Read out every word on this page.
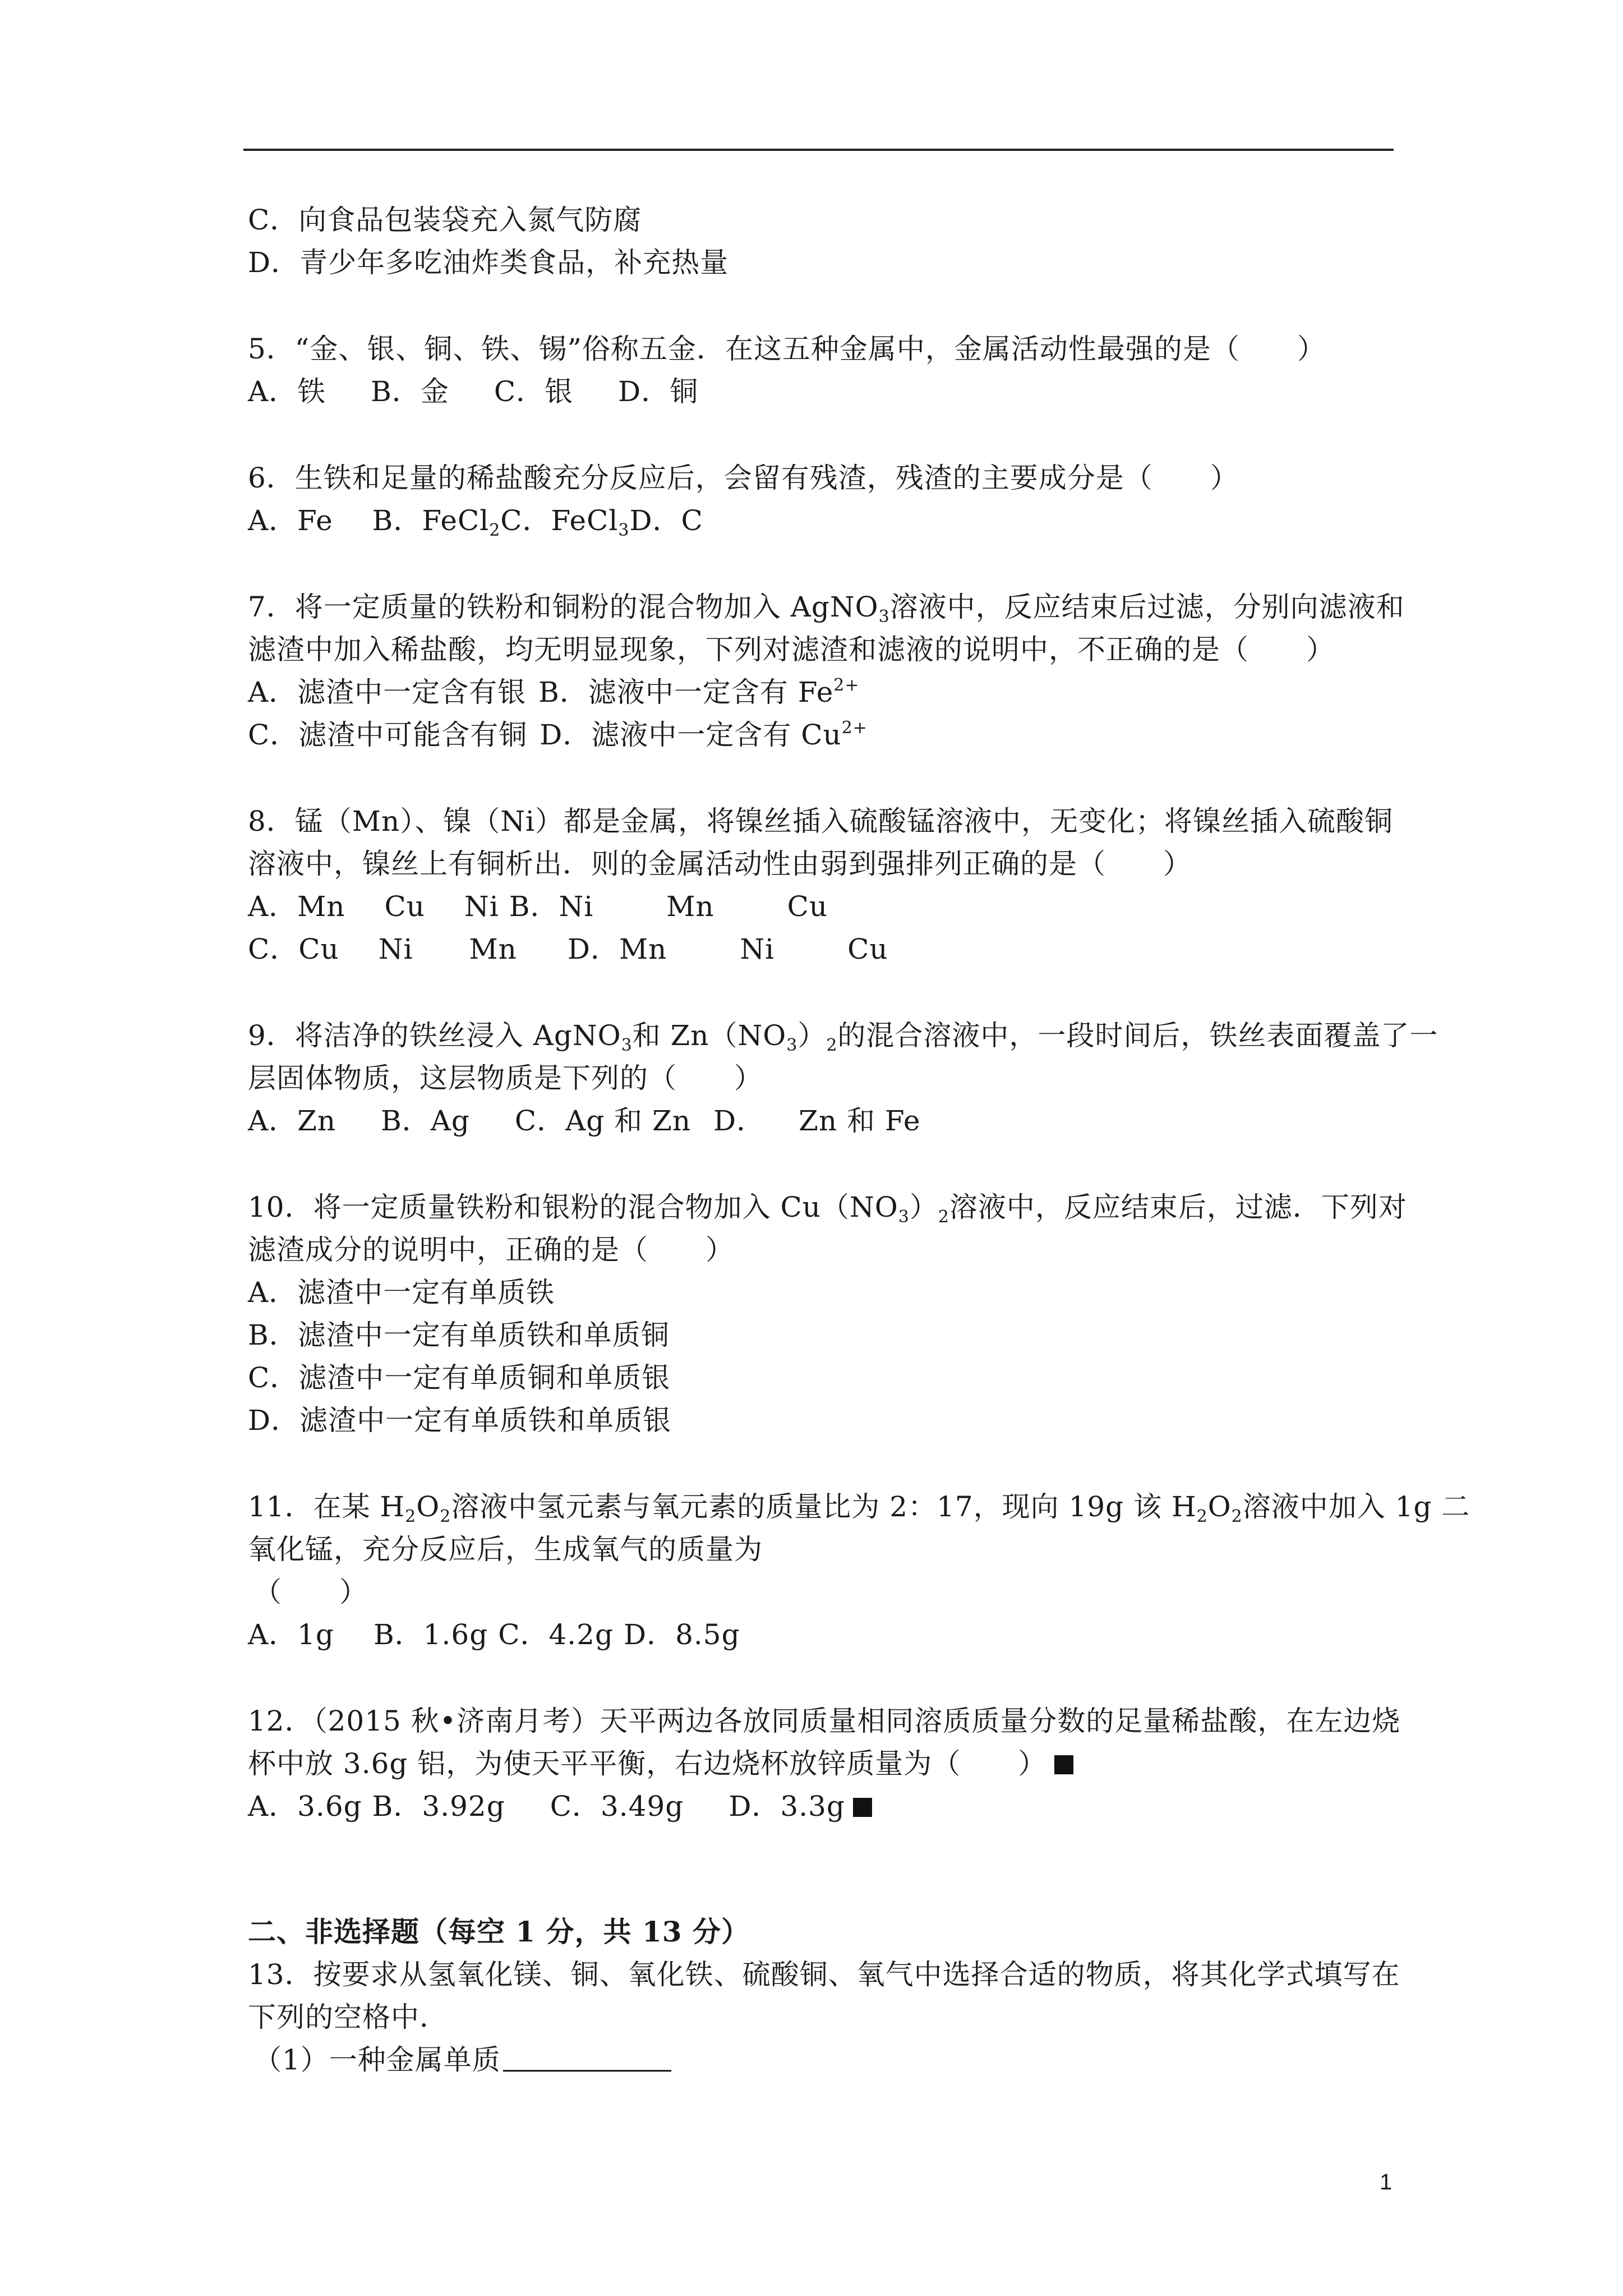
C．向食品包装袋充入氮气防腐
D．青少年多吃油炸类食品，补充热量
5．“金、银、铜、铁、锡”俗称五金．在这五种金属中，金属活动性最强的是（　　）
A．铁 B．金 C．银 D．铜
6．生铁和足量的稀盐酸充分反应后，会留有残渣，残渣的主要成分是（　　）
A．Fe B．FeCl$_2$C．FeCl$_3$D．C
7．将一定质量的铁粉和铜粉的混合物加入 AgNO$_3$溶液中，反应结束后过滤，分别向滤液和
滤渣中加入稀盐酸，均无明显现象，下列对滤渣和滤液的说明中，不正确的是（　　）
A．滤渣中一定含有银 B．滤液中一定含有 $Fe^{2+}$
C．滤渣中可能含有铜 D．滤液中一定含有 $Cu^{2+}$
8．锰（Mn）、镍（Ni）都是金属，将镍丝插入硫酸锰溶液中，无变化；将镍丝插入硫酸铜
溶液中，镍丝上有铜析出．则的金属活动性由弱到强排列正确的是（　　）
A．Mn Cu Ni B．Ni	Mn	Cu
C．Cu Ni Mn D．Mn	Ni	Cu
9．将洁净的铁丝浸入 AgNO$_3$和 $Zn(NO_3)_2$的混合溶液中，一段时间后，铁丝表面覆盖了一
层固体物质，这层物质是下列的（　　）
A．Zn B．Ag C．Ag 和 Zn D． Zn 和 Fe
10．将一定质量铁粉和银粉的混合物加入 $Cu(NO_3)_2$溶液中，反应结束后，过滤．下列对
滤渣成分的说明中，正确的是（　　）
A．滤渣中一定有单质铁
B．滤渣中一定有单质铁和单质铜
C．滤渣中一定有单质铜和单质银
D．滤渣中一定有单质铁和单质银
11．在某 $H_2O_2$溶液中氢元素与氧元素的质量比为 2：17，现向 19g 该 $H_2O_2$溶液中加入 1g 二
氧化锰，充分反应后，生成氧气的质量为
（　　）
A．1g B．1.6g C．4.2g D．8.5g
12．（2015 秋•济南月考）天平两边各放同质量相同溶质质量分数的足量稀盐酸，在左边烧
杯中放 3.6g 铝，为使天平平衡，右边烧杯放锌质量为（　　）
A．3.6g B．3.92g C．3.49g D．3.3g
二、非选择题（每空 1 分，共 13 分）
13．按要求从氢氧化镁、铜、氧化铁、硫酸铜、氧气中选择合适的物质，将其化学式填写在
下列的空格中．
（1）一种金属单质
1
